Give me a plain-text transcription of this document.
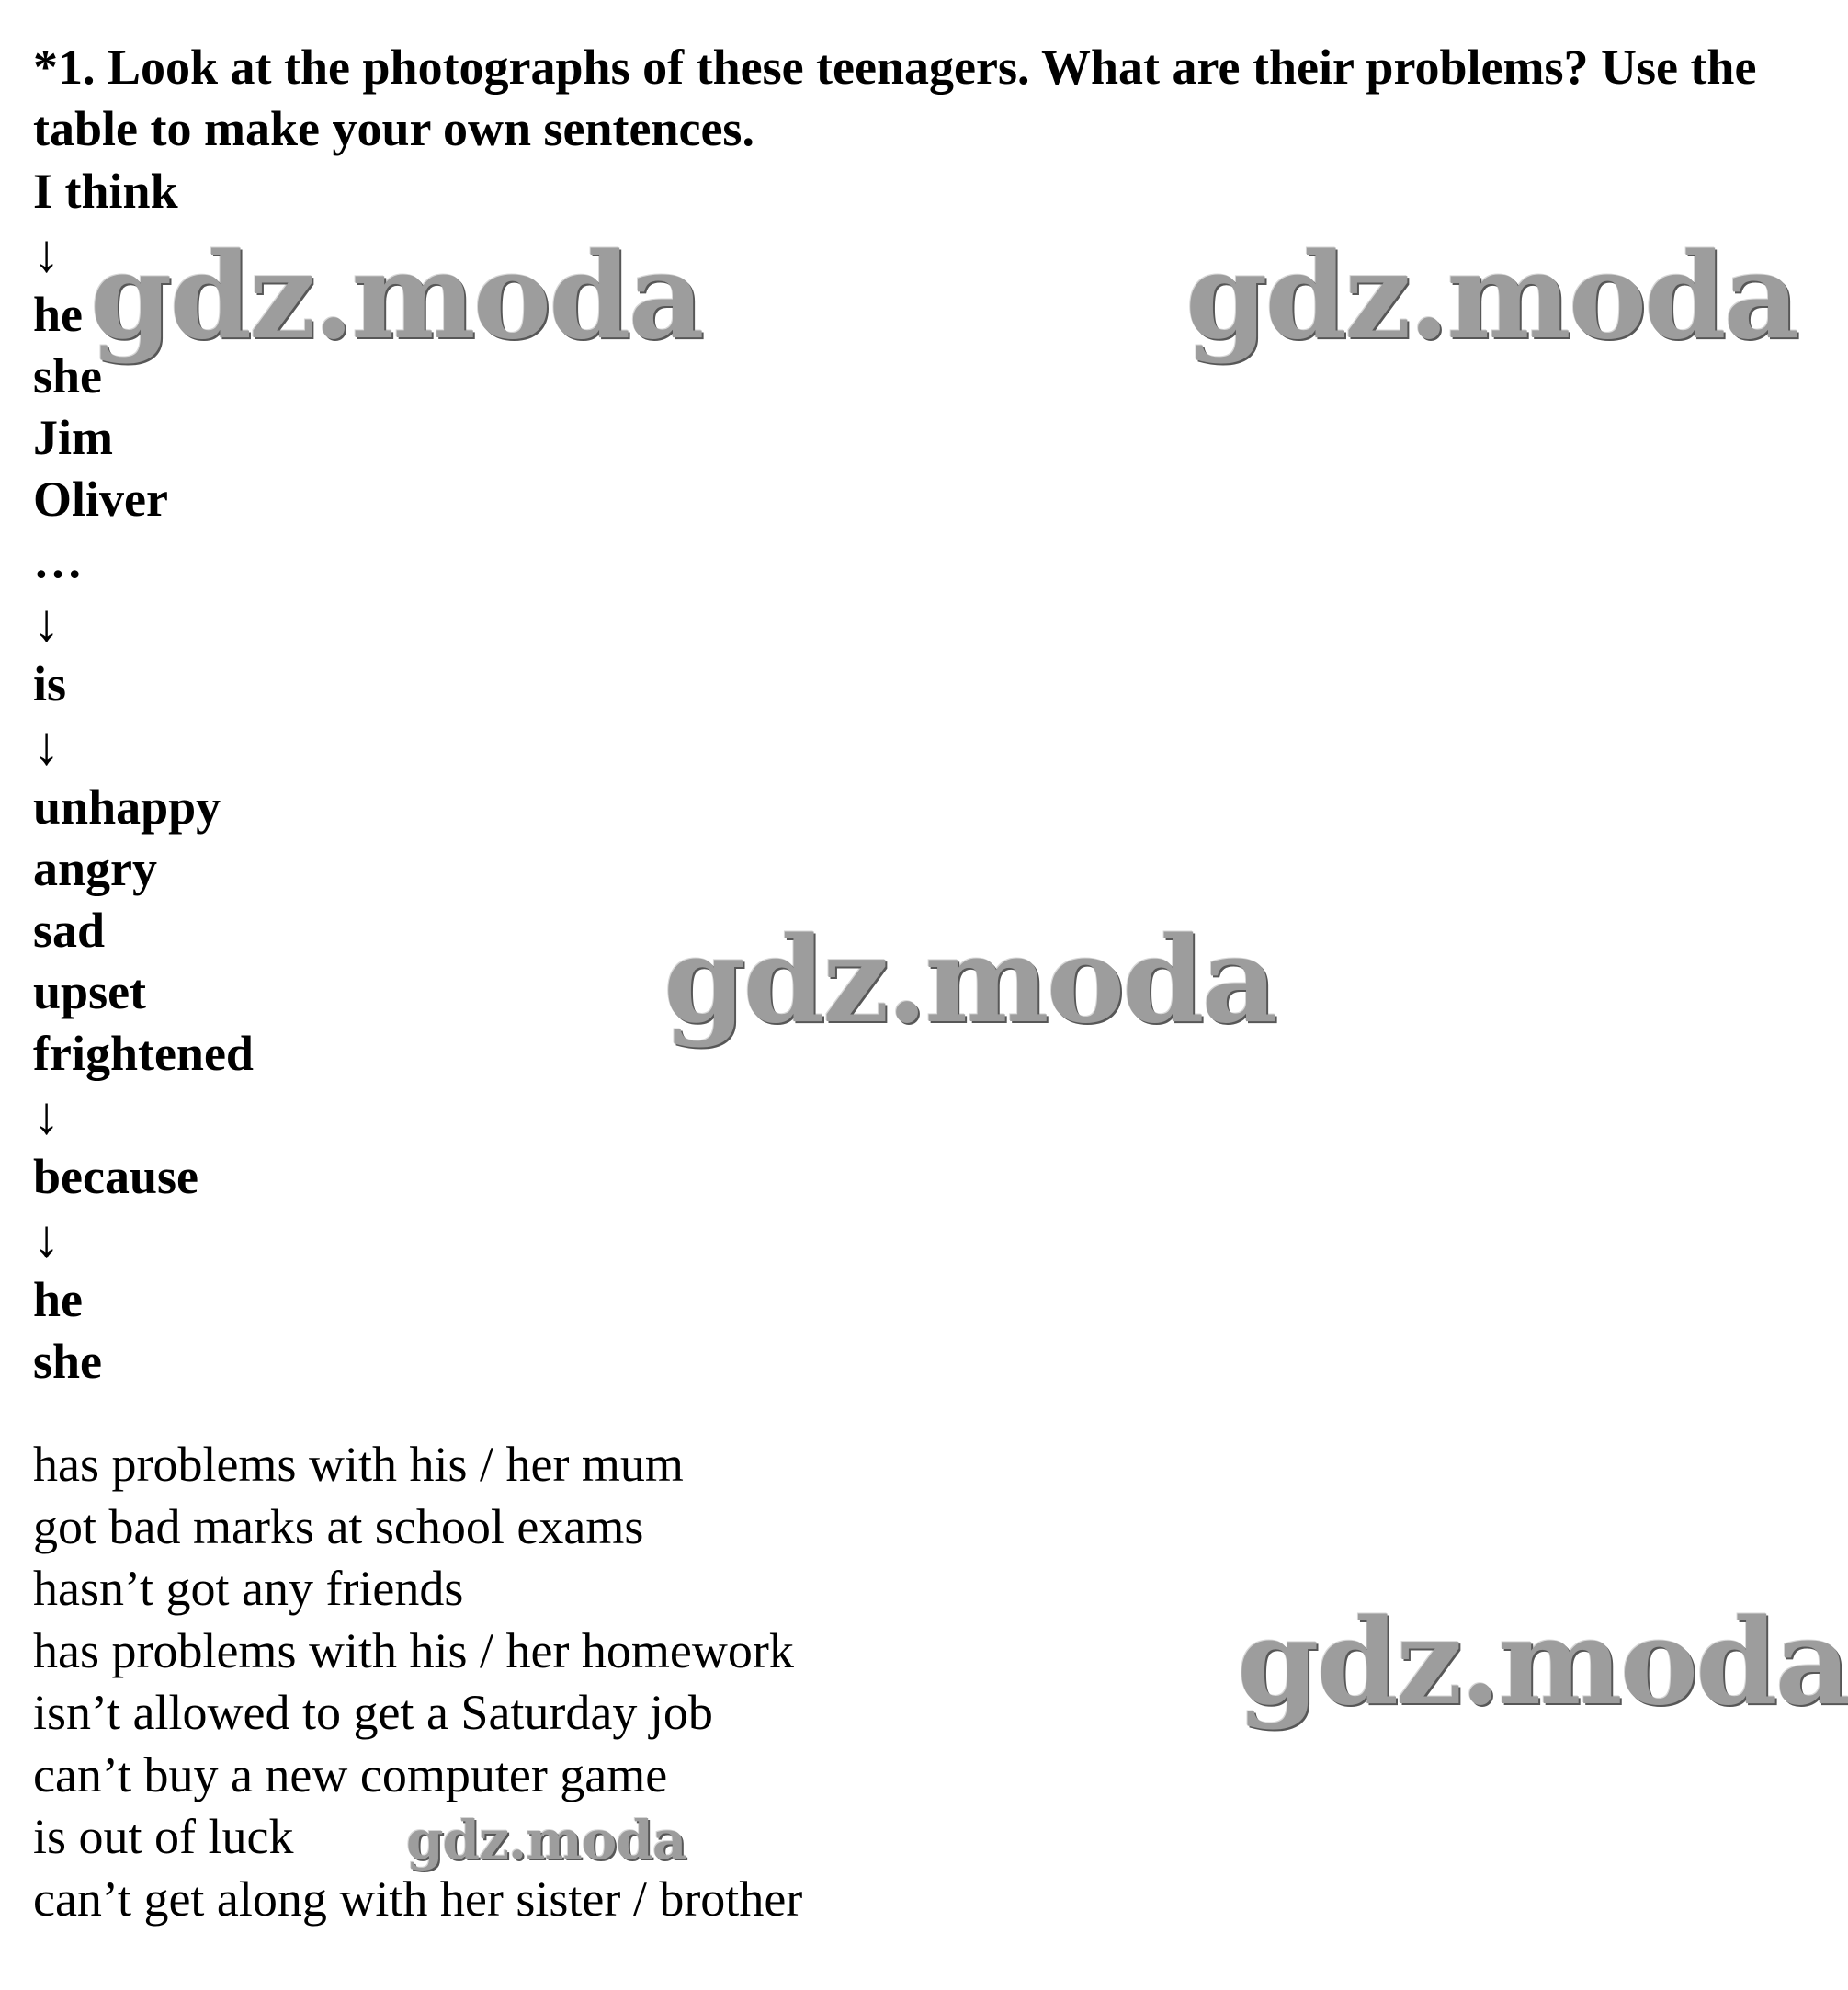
*1. Look at the photographs of these teenagers. What are their problems? Use the table to make your own sentences.
I think
↓
he
she
Jim
Oliver
…
↓
is
↓
unhappy
angry
sad
upset
frightened
↓
because
↓
he
she
has problems with his / her mum
got bad marks at school exams
hasn’t got any friends
has problems with his / her homework
isn’t allowed to get a Saturday job
can’t buy a new computer game
is out of luck
can’t get along with her sister / brother
gdz.moda	gdz.moda
gdz.moda
gdz.moda
gdz.moda
